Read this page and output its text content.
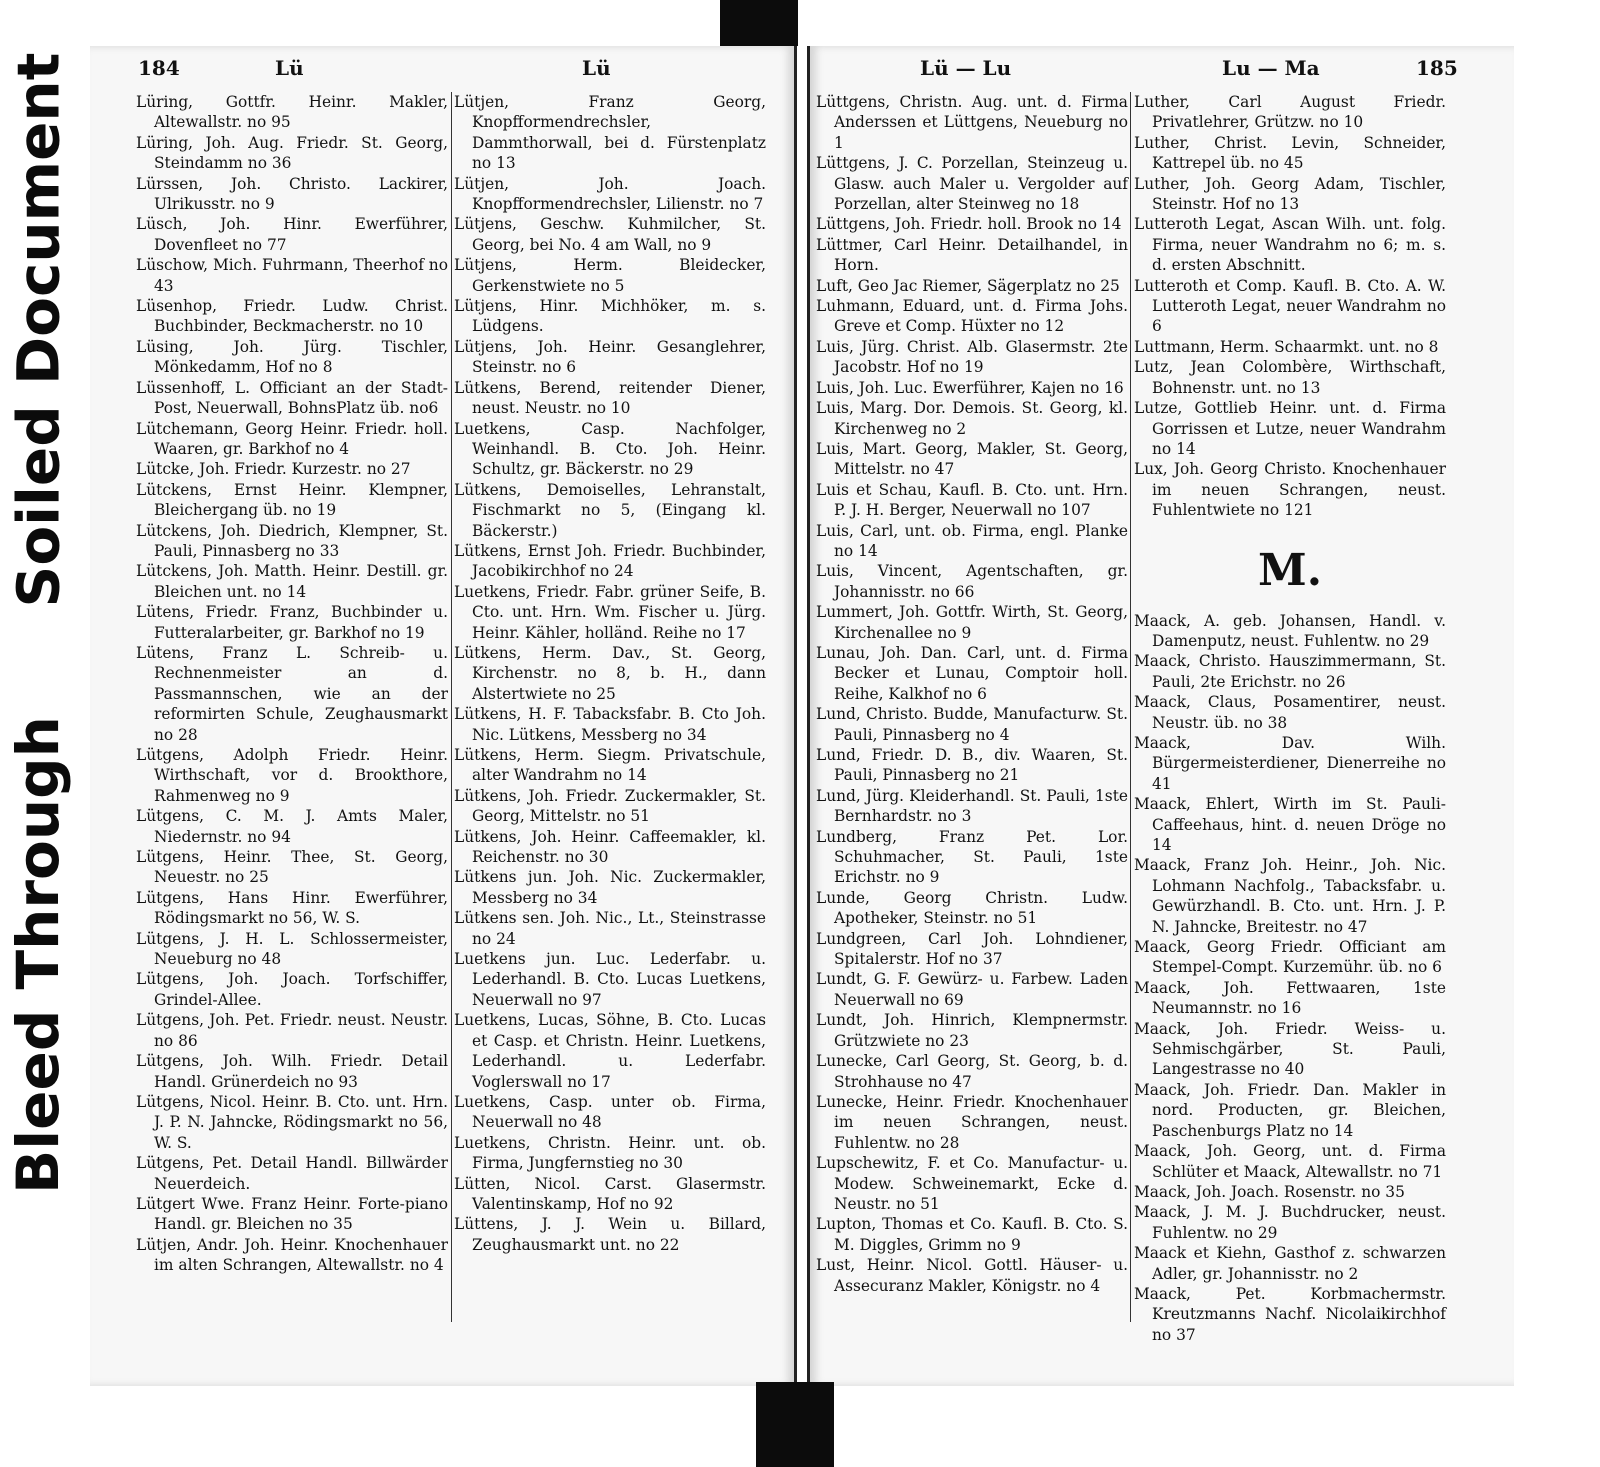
Soiled Document
Bleed Through
184	Lü	Lü

Lüring, Gottfr. Heinr. Makler, Altewallstr. no 95

Lüring, Joh. Aug. Friedr. St. Georg, Steindamm no 36

Lürssen, Joh. Christo. Lackirer, Ulrikusstr. no 9

Lüsch, Joh. Hinr. Ewerführer, Dovenfleet no 77

Lüschow, Mich. Fuhrmann, Theerhof no 43

Lüsenhop, Friedr. Ludw. Christ. Buchbinder, Beckmacherstr. no 10

Lüsing, Joh. Jürg. Tischler, Mönkedamm, Hof no 8

Lüssenhoff, L. Officiant an der Stadt-Post, Neuerwall, BohnsPlatz üb. no6

Lütchemann, Georg Heinr. Friedr. holl. Waaren, gr. Barkhof no 4

Lütcke, Joh. Friedr. Kurzestr. no 27

Lütckens, Ernst Heinr. Klempner, Bleichergang üb. no 19

Lütckens, Joh. Diedrich, Klempner, St. Pauli, Pinnasberg no 33

Lütckens, Joh. Matth. Heinr. Destill. gr. Bleichen unt. no 14

Lütens, Friedr. Franz, Buchbinder u. Futteralarbeiter, gr. Barkhof no 19

Lütens, Franz L. Schreib- u. Rechnenmeister an d. Passmannschen, wie an der reformirten Schule, Zeughausmarkt no 28

Lütgens, Adolph Friedr. Heinr. Wirthschaft, vor d. Brookthore, Rahmenweg no 9

Lütgens, C. M. J. Amts Maler, Niedernstr. no 94

Lütgens, Heinr. Thee, St. Georg, Neuestr. no 25

Lütgens, Hans Hinr. Ewerführer, Rödingsmarkt no 56, W. S.

Lütgens, J. H. L. Schlossermeister, Neueburg no 48

Lütgens, Joh. Joach. Torfschiffer, Grindel-Allee.

Lütgens, Joh. Pet. Friedr. neust. Neustr. no 86

Lütgens, Joh. Wilh. Friedr. Detail Handl. Grünerdeich no 93

Lütgens, Nicol. Heinr. B. Cto. unt. Hrn. J. P. N. Jahncke, Rödingsmarkt no 56, W. S.

Lütgens, Pet. Detail Handl. Billwärder Neuerdeich.

Lütgert Wwe. Franz Heinr. Forte-piano Handl. gr. Bleichen no 35

Lütjen, Andr. Joh. Heinr. Knochenhauer im alten Schrangen, Altewallstr. no 4

Lütjen, Franz Georg, Knopfformendrechsler, Dammthorwall, bei d. Fürstenplatz no 13

Lütjen, Joh. Joach. Knopfformendrechsler, Lilienstr. no 7

Lütjens, Geschw. Kuhmilcher, St. Georg, bei No. 4 am Wall, no 9

Lütjens, Herm. Bleidecker, Gerkenstwiete no 5

Lütjens, Hinr. Michhöker, m. s. Lüdgens.

Lütjens, Joh. Heinr. Gesanglehrer, Steinstr. no 6

Lütkens, Berend, reitender Diener, neust. Neustr. no 10

Luetkens, Casp. Nachfolger, Weinhandl. B. Cto. Joh. Heinr. Schultz, gr. Bäckerstr. no 29

Lütkens, Demoiselles, Lehranstalt, Fischmarkt no 5, (Eingang kl. Bäckerstr.)

Lütkens, Ernst Joh. Friedr. Buchbinder, Jacobikirchhof no 24

Luetkens, Friedr. Fabr. grüner Seife, B. Cto. unt. Hrn. Wm. Fischer u. Jürg. Heinr. Kähler, holländ. Reihe no 17

Lütkens, Herm. Dav., St. Georg, Kirchenstr. no 8, b. H., dann Alstertwiete no 25

Lütkens, H. F. Tabacksfabr. B. Cto Joh. Nic. Lütkens, Messberg no 34

Lütkens, Herm. Siegm. Privatschule, alter Wandrahm no 14

Lütkens, Joh. Friedr. Zuckermakler, St. Georg, Mittelstr. no 51

Lütkens, Joh. Heinr. Caffeemakler, kl. Reichenstr. no 30

Lütkens jun. Joh. Nic. Zuckermakler, Messberg no 34

Lütkens sen. Joh. Nic., Lt., Steinstrasse no 24

Luetkens jun. Luc. Lederfabr. u. Lederhandl. B. Cto. Lucas Luetkens, Neuerwall no 97

Luetkens, Lucas, Söhne, B. Cto. Lucas et Casp. et Christn. Heinr. Luetkens, Lederhandl. u. Lederfabr. Voglerswall no 17

Luetkens, Casp. unter ob. Firma, Neuerwall no 48

Luetkens, Christn. Heinr. unt. ob. Firma, Jungfernstieg no 30

Lütten, Nicol. Carst. Glasermstr. Valentinskamp, Hof no 92

Lüttens, J. J. Wein u. Billard, Zeughausmarkt unt. no 22

Lü — Lu	Lu — Ma	185

Lüttgens, Christn. Aug. unt. d. Firma Anderssen et Lüttgens, Neueburg no 1

Lüttgens, J. C. Porzellan, Steinzeug u. Glasw. auch Maler u. Vergolder auf Porzellan, alter Steinweg no 18

Lüttgens, Joh. Friedr. holl. Brook no 14

Lüttmer, Carl Heinr. Detailhandel, in Horn.

Luft, Geo Jac Riemer, Sägerplatz no 25

Luhmann, Eduard, unt. d. Firma Johs. Greve et Comp. Hüxter no 12

Luis, Jürg. Christ. Alb. Glasermstr. 2te Jacobstr. Hof no 19

Luis, Joh. Luc. Ewerführer, Kajen no 16

Luis, Marg. Dor. Demois. St. Georg, kl. Kirchenweg no 2

Luis, Mart. Georg, Makler, St. Georg, Mittelstr. no 47

Luis et Schau, Kaufl. B. Cto. unt. Hrn. P. J. H. Berger, Neuerwall no 107

Luis, Carl, unt. ob. Firma, engl. Planke no 14

Luis, Vincent, Agentschaften, gr. Johannisstr. no 66

Lummert, Joh. Gottfr. Wirth, St. Georg, Kirchenallee no 9

Lunau, Joh. Dan. Carl, unt. d. Firma Becker et Lunau, Comptoir holl. Reihe, Kalkhof no 6

Lund, Christo. Budde, Manufacturw. St. Pauli, Pinnasberg no 4

Lund, Friedr. D. B., div. Waaren, St. Pauli, Pinnasberg no 21

Lund, Jürg. Kleiderhandl. St. Pauli, 1ste Bernhardstr. no 3

Lundberg, Franz Pet. Lor. Schuhmacher, St. Pauli, 1ste Erichstr. no 9

Lunde, Georg Christn. Ludw. Apotheker, Steinstr. no 51

Lundgreen, Carl Joh. Lohndiener, Spitalerstr. Hof no 37

Lundt, G. F. Gewürz- u. Farbew. Laden Neuerwall no 69

Lundt, Joh. Hinrich, Klempnermstr. Grützwiete no 23

Lunecke, Carl Georg, St. Georg, b. d. Strohhause no 47

Lunecke, Heinr. Friedr. Knochenhauer im neuen Schrangen, neust. Fuhlentw. no 28

Lupschewitz, F. et Co. Manufactur- u. Modew. Schweinemarkt, Ecke d. Neustr. no 51

Lupton, Thomas et Co. Kaufl. B. Cto. S. M. Diggles, Grimm no 9

Lust, Heinr. Nicol. Gottl. Häuser- u. Assecuranz Makler, Königstr. no 4

Luther, Carl August Friedr. Privatlehrer, Grützw. no 10

Luther, Christ. Levin, Schneider, Kattrepel üb. no 45

Luther, Joh. Georg Adam, Tischler, Steinstr. Hof no 13

Lutteroth Legat, Ascan Wilh. unt. folg. Firma, neuer Wandrahm no 6; m. s. d. ersten Abschnitt.

Lutteroth et Comp. Kaufl. B. Cto. A. W. Lutteroth Legat, neuer Wandrahm no 6

Luttmann, Herm. Schaarmkt. unt. no 8

Lutz, Jean Colombère, Wirthschaft, Bohnenstr. unt. no 13

Lutze, Gottlieb Heinr. unt. d. Firma Gorrissen et Lutze, neuer Wandrahm no 14

Lux, Joh. Georg Christo. Knochenhauer im neuen Schrangen, neust. Fuhlentwiete no 121

M.

Maack, A. geb. Johansen, Handl. v. Damenputz, neust. Fuhlentw. no 29

Maack, Christo. Hauszimmermann, St. Pauli, 2te Erichstr. no 26

Maack, Claus, Posamentirer, neust. Neustr. üb. no 38

Maack, Dav. Wilh. Bürgermeisterdiener, Dienerreihe no 41

Maack, Ehlert, Wirth im St. Pauli-Caffeehaus, hint. d. neuen Dröge no 14

Maack, Franz Joh. Heinr., Joh. Nic. Lohmann Nachfolg., Tabacksfabr. u. Gewürzhandl. B. Cto. unt. Hrn. J. P. N. Jahncke, Breitestr. no 47

Maack, Georg Friedr. Officiant am Stempel-Compt. Kurzemühr. üb. no 6

Maack, Joh. Fettwaaren, 1ste Neumannstr. no 16

Maack, Joh. Friedr. Weiss- u. Sehmischgärber, St. Pauli, Langestrasse no 40

Maack, Joh. Friedr. Dan. Makler in nord. Producten, gr. Bleichen, Paschenburgs Platz no 14

Maack, Joh. Georg, unt. d. Firma Schlüter et Maack, Altewallstr. no 71

Maack, Joh. Joach. Rosenstr. no 35

Maack, J. M. J. Buchdrucker, neust. Fuhlentw. no 29

Maack et Kiehn, Gasthof z. schwarzen Adler, gr. Johannisstr. no 2

Maack, Pet. Korbmachermstr. Kreutzmanns Nachf. Nicolaikirchhof no 37
